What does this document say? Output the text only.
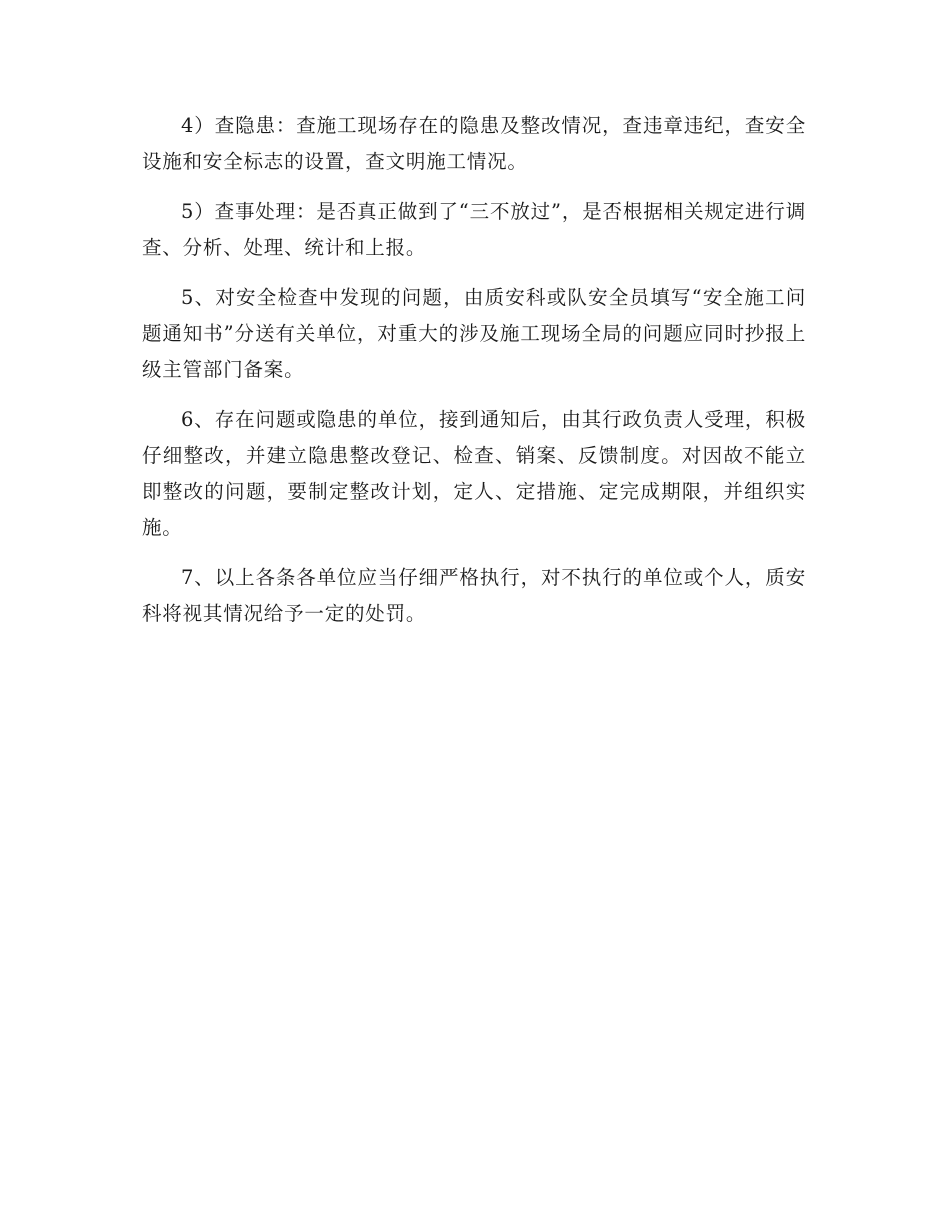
4）查隐患：查施工现场存在的隐患及整改情况，查违章违纪，查安全设施和安全标志的设置，查文明施工情况。

5）查事处理：是否真正做到了“三不放过”，是否根据相关规定进行调查、分析、处理、统计和上报。

5、对安全检查中发现的问题，由质安科或队安全员填写“安全施工问题通知书”分送有关单位，对重大的涉及施工现场全局的问题应同时抄报上级主管部门备案。

6、存在问题或隐患的单位，接到通知后，由其行政负责人受理，积极仔细整改，并建立隐患整改登记、检查、销案、反馈制度。对因故不能立即整改的问题，要制定整改计划，定人、定措施、定完成期限，并组织实施。

7、以上各条各单位应当仔细严格执行，对不执行的单位或个人，质安科将视其情况给予一定的处罚。
